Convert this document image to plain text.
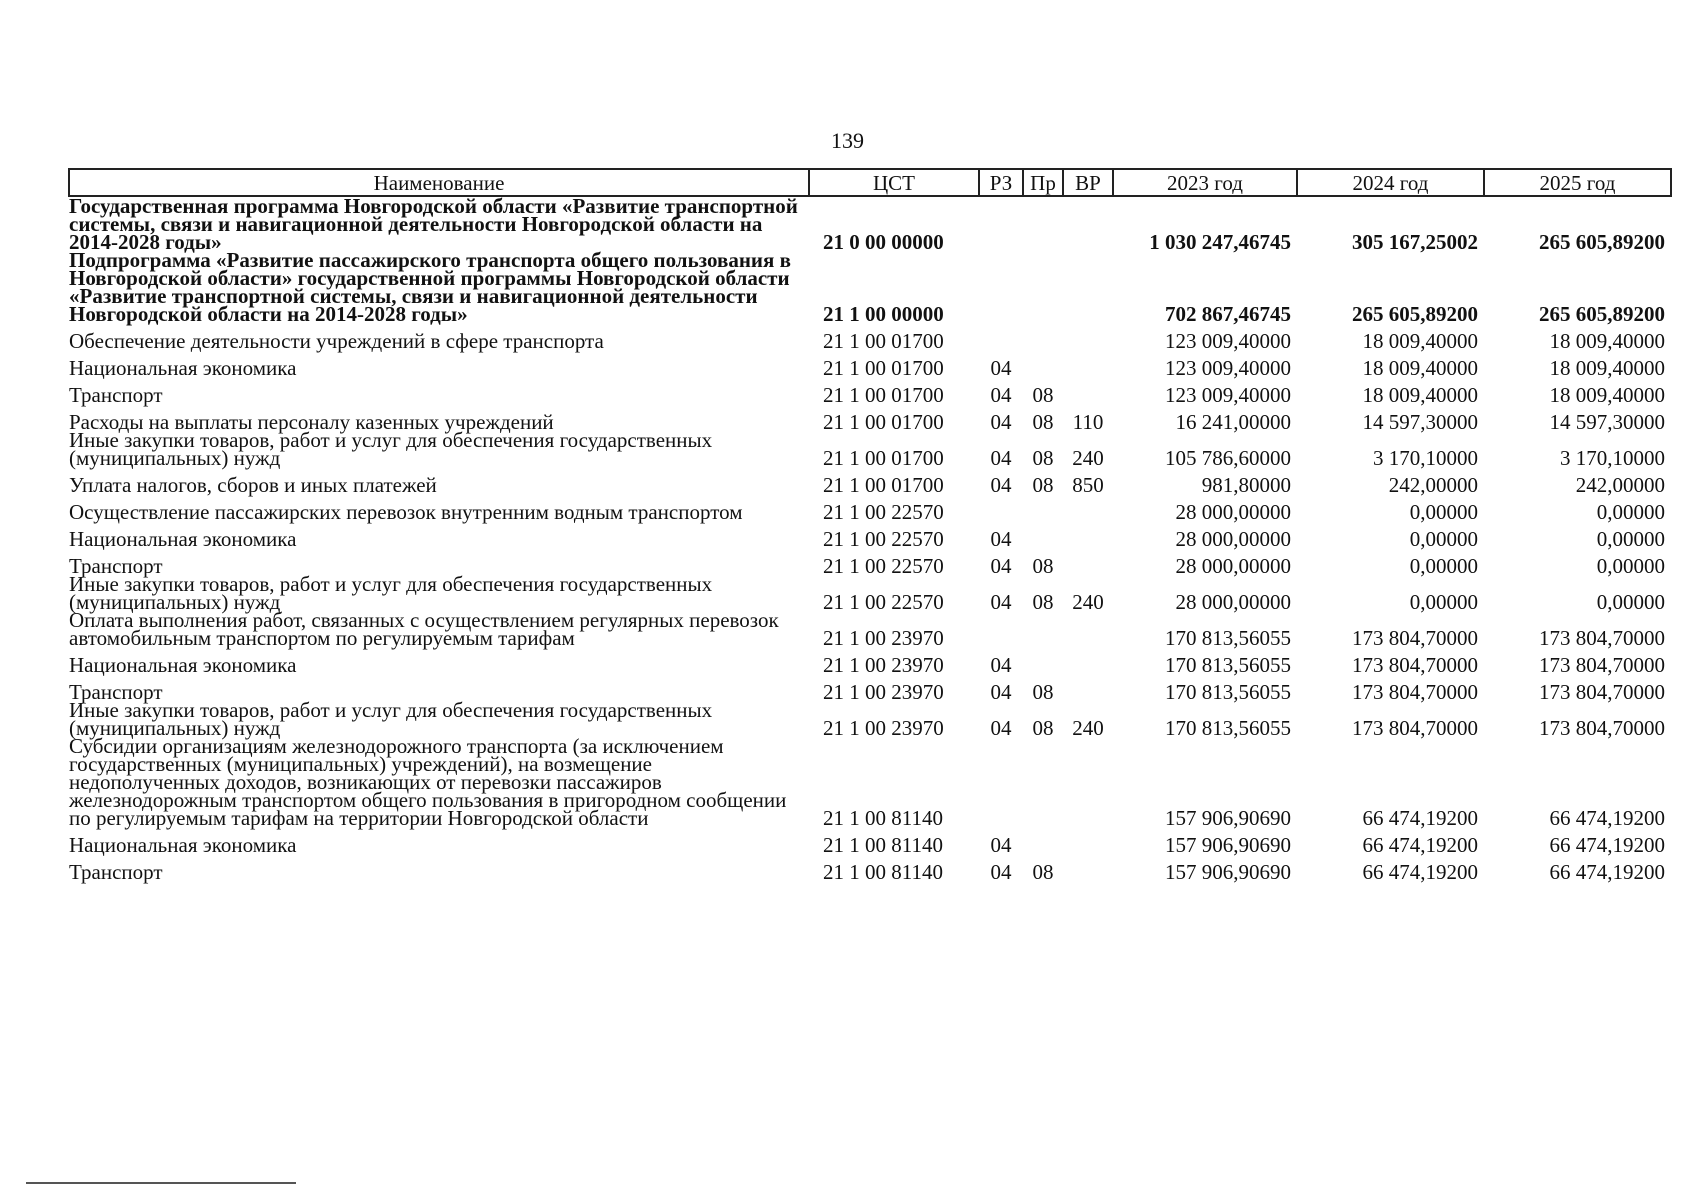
139
Наименование	ЦСТ	РЗ	Пр	ВР	2023 год	2024 год	2025 год
Государственная программа Новгородской области «Развитие транспортной системы, связи и навигационной деятельности Новгородской области на 2014-2028 годы»	21 0 00 00000				1 030 247,46745	305 167,25002	265 605,89200
Подпрограмма «Развитие пассажирского транспорта общего пользования в Новгородской области» государственной программы Новгородской области «Развитие транспортной системы, связи и навигационной деятельности Новгородской области на 2014-2028 годы»	21 1 00 00000				702 867,46745	265 605,89200	265 605,89200
Обеспечение деятельности учреждений в сфере транспорта	21 1 00 01700				123 009,40000	18 009,40000	18 009,40000
Национальная экономика	21 1 00 01700	04			123 009,40000	18 009,40000	18 009,40000
Транспорт	21 1 00 01700	04	08		123 009,40000	18 009,40000	18 009,40000
Расходы на выплаты персоналу казенных учреждений	21 1 00 01700	04	08	110	16 241,00000	14 597,30000	14 597,30000
Иные закупки товаров, работ и услуг для обеспечения государственных (муниципальных) нужд	21 1 00 01700	04	08	240	105 786,60000	3 170,10000	3 170,10000
Уплата налогов, сборов и иных платежей	21 1 00 01700	04	08	850	981,80000	242,00000	242,00000
Осуществление пассажирских перевозок внутренним водным транспортом	21 1 00 22570				28 000,00000	0,00000	0,00000
Национальная экономика	21 1 00 22570	04			28 000,00000	0,00000	0,00000
Транспорт	21 1 00 22570	04	08		28 000,00000	0,00000	0,00000
Иные закупки товаров, работ и услуг для обеспечения государственных (муниципальных) нужд	21 1 00 22570	04	08	240	28 000,00000	0,00000	0,00000
Оплата выполнения работ, связанных с осуществлением регулярных перевозок автомобильным транспортом по регулируемым тарифам	21 1 00 23970				170 813,56055	173 804,70000	173 804,70000
Национальная экономика	21 1 00 23970	04			170 813,56055	173 804,70000	173 804,70000
Транспорт	21 1 00 23970	04	08		170 813,56055	173 804,70000	173 804,70000
Иные закупки товаров, работ и услуг для обеспечения государственных (муниципальных) нужд	21 1 00 23970	04	08	240	170 813,56055	173 804,70000	173 804,70000
Субсидии организациям железнодорожного транспорта (за исключением государственных (муниципальных) учреждений), на возмещение недополученных доходов, возникающих от перевозки пассажиров железнодорожным транспортом общего пользования в пригородном сообщении по регулируемым тарифам на территории Новгородской области	21 1 00 81140				157 906,90690	66 474,19200	66 474,19200
Национальная экономика	21 1 00 81140	04			157 906,90690	66 474,19200	66 474,19200
Транспорт	21 1 00 81140	04	08		157 906,90690	66 474,19200	66 474,19200
